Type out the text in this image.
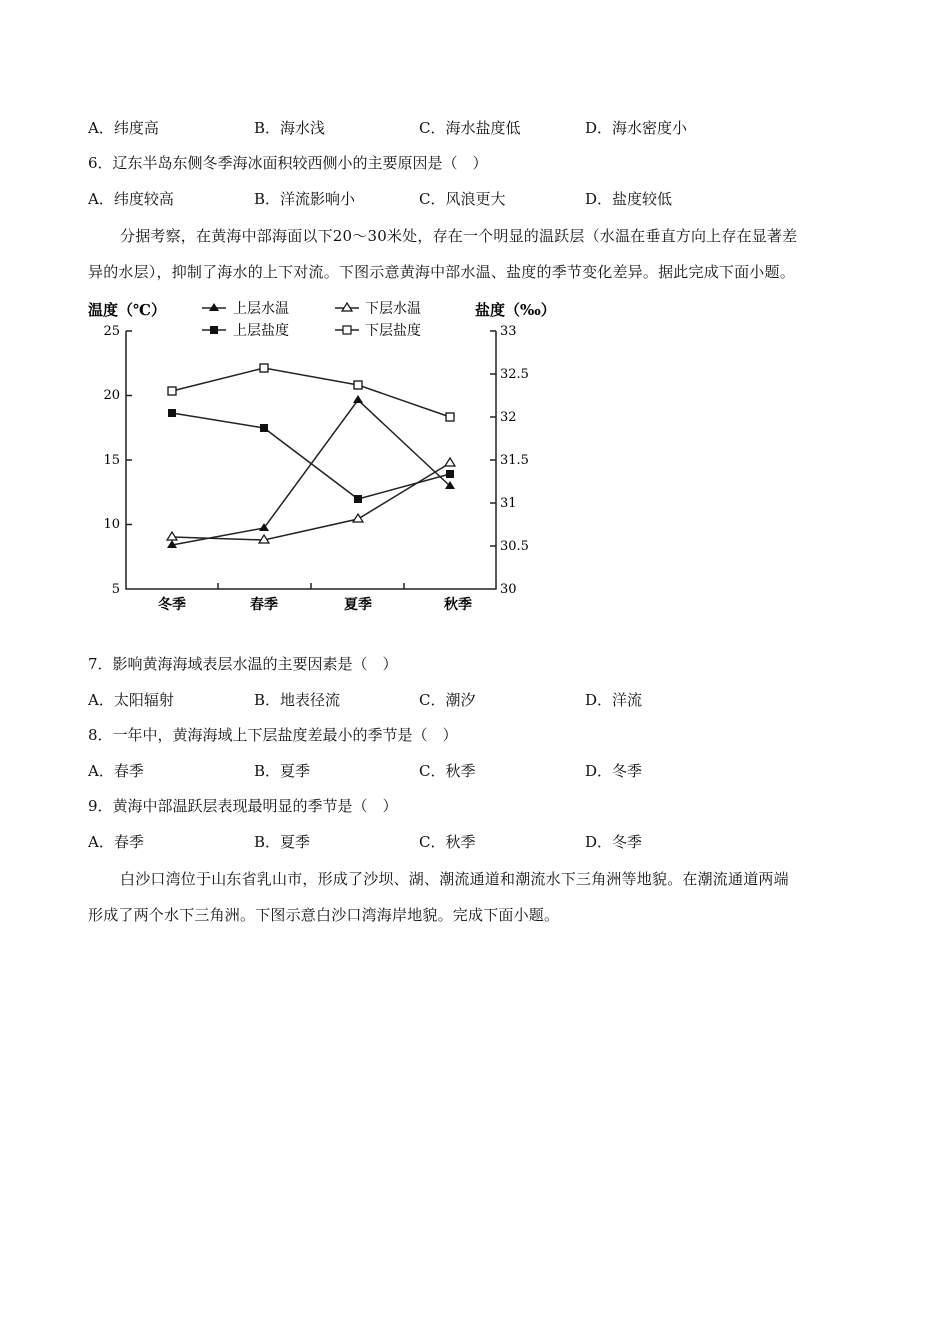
A．纬度高	B．海水浅	C．海水盐度低	D．海水密度小
6．辽东半岛东侧冬季海冰面积较西侧小的主要原因是（　）
A．纬度较高	B．洋流影响小	C．风浪更大	D．盐度较低
分据考察，在黄海中部海面以下20～30米处，存在一个明显的温跃层（水温在垂直方向上存在显著差
异的水层），抑制了海水的上下对流。下图示意黄海中部水温、盐度的季节变化差异。据此完成下面小题。
温度（℃）	盐度（‰）
上层水温	下层水温
上层盐度	下层盐度
25
20
15
10
5
33
32.5
32
31.5
31
30.5
30
冬季	春季	夏季	秋季
7．影响黄海海域表层水温的主要因素是（　）
A．太阳辐射	B．地表径流	C．潮汐	D．洋流
8．一年中，黄海海域上下层盐度差最小的季节是（　）
A．春季	B．夏季	C．秋季	D．冬季
9．黄海中部温跃层表现最明显的季节是（　）
A．春季	B．夏季	C．秋季	D．冬季
白沙口湾位于山东省乳山市，形成了沙坝、湖、潮流通道和潮流水下三角洲等地貌。在潮流通道两端
形成了两个水下三角洲。下图示意白沙口湾海岸地貌。完成下面小题。
